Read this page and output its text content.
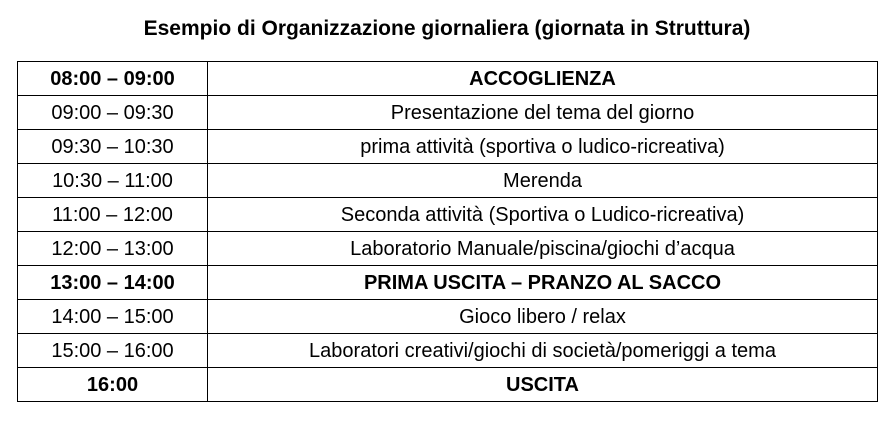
Esempio di Organizzazione giornaliera (giornata in Struttura)
08:00 – 09:00	ACCOGLIENZA
09:00 – 09:30	Presentazione del tema del giorno
09:30 – 10:30	prima attività (sportiva o ludico-ricreativa)
10:30 – 11:00	Merenda
11:00 – 12:00	Seconda attività (Sportiva o Ludico-ricreativa)
12:00 – 13:00	Laboratorio Manuale/piscina/giochi d’acqua
13:00 – 14:00	PRIMA USCITA – PRANZO AL SACCO
14:00 – 15:00	Gioco libero / relax
15:00 – 16:00	Laboratori creativi/giochi di società/pomeriggi a tema
16:00	USCITA
